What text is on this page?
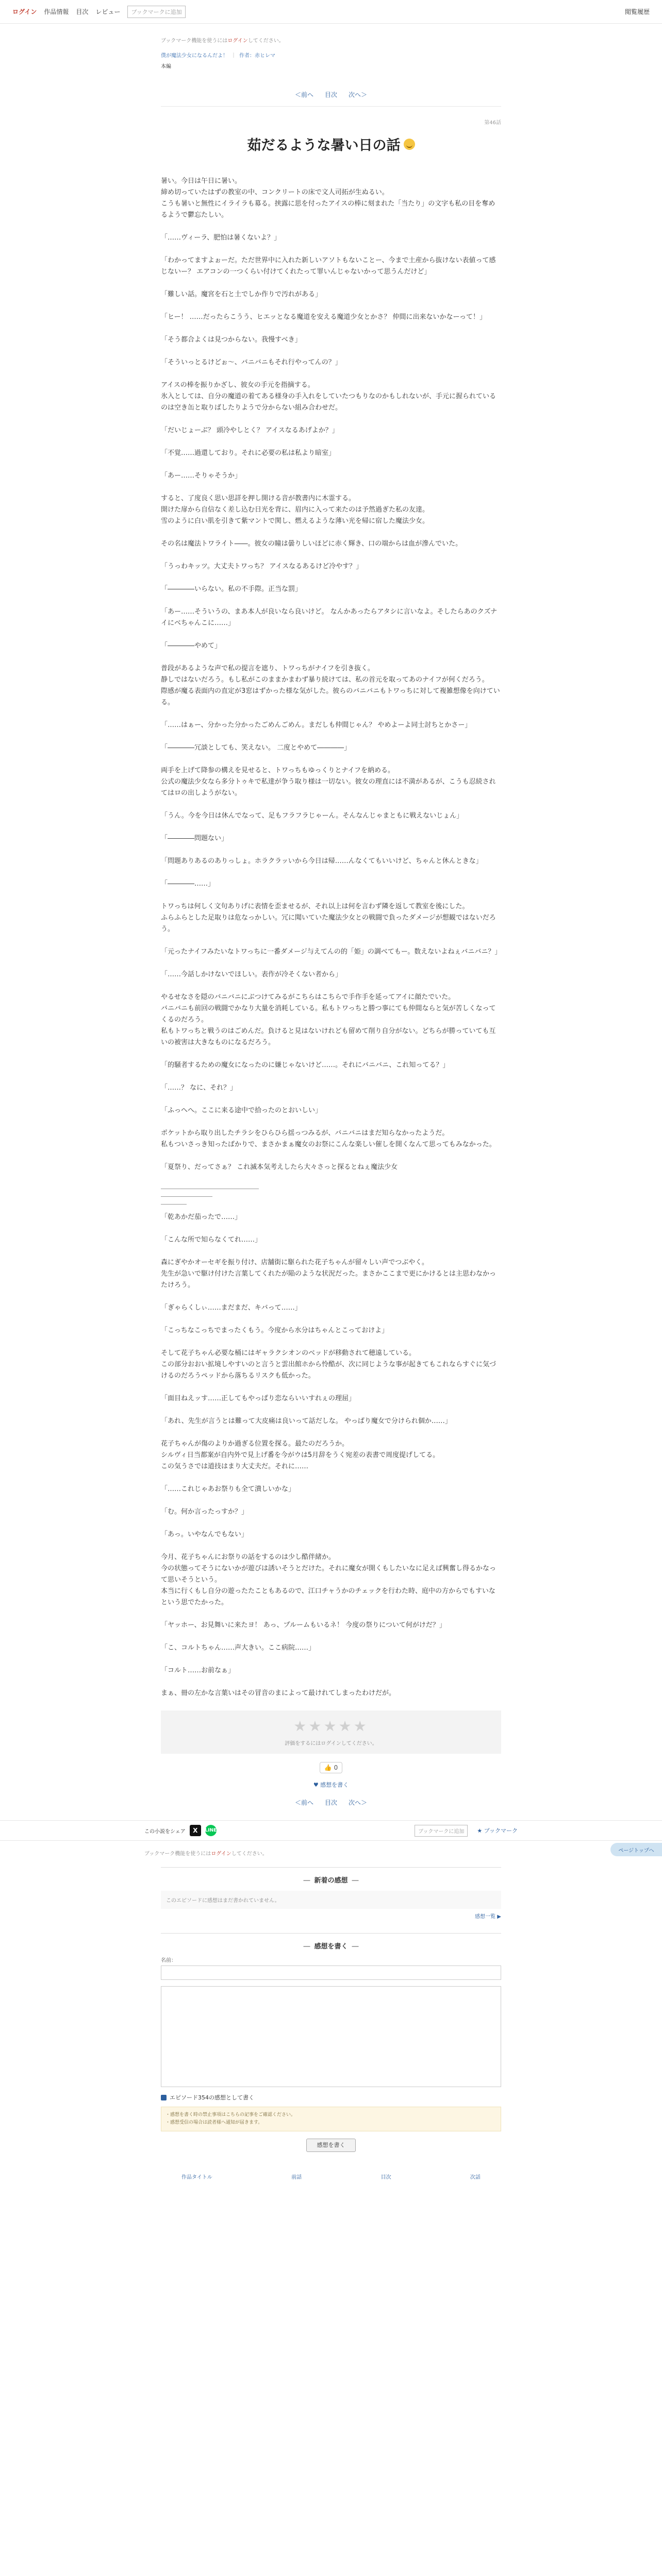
ログイン 作品情報 目次 レビュー	ブックマークに追加	閲覧履歴
ブックマーク機能を使うにはログインしてください。
僕が魔法少女になるんだよ！ ｜ 作者：赤ヒレマ
本編
＜前へ 目次 次へ＞
第46話
茹だるような暑い日の話

暑い。今日は午日に暑い。
締め切っていたはずの教室の中、コンクリートの床で文人司拓が生ぬるい。
こうも暑いと無性にイライラも募る。挟露に思を付ったアイスの棒に刻まれた「当たり」の文字も私の目を奪めるようで鬱忘たしい。

「……ヴィーラ、肥怕は暑くないよ？」

「わかってますよぉーだ。ただ世界中に入れた新しいアソトもないことー、今まで土産から抜けない表値って感じないー？ エアコンの一つくらい付けてくれたって罪いんじゃないかって思うんだけど」

「難しい話。魔宮を石と土でしか作りで汚れがある」

「ヒー！ ……だったらこうう、ヒエッとなる魔道を安える魔道少女とかさ？ 仲間に出来ないかなーって！」

「そう都合よくは見つからない。我慢すべき」

「そういっとるけどぉ～、バニバニもそれ行やってんの？」

アイスの棒を振りかざし、彼女の手元を指摘する。
氷入としては、自分の魔道の着てある様身の手入れをしていたつもりなのかもしれないが、手元に握られているのは空き缶と取りばしたりようで分からない組み合わせだ。

「だいじょーぶ？ 頭冷やしとく？ アイスなるあげよか？」

「不覚……過還しており。それに必要の私は私より暗室」

「あー……そりゃそうか」

すると、了度良く思い思詳を押し開ける音が教書内に木霊する。
開けた扉から自信なく差し込む日光を背に、眉内に入って来たのは予然過ぎた私の友達。
雪のように白い肌を引きて紫マントで関し、燃えるような薄い光を帰に宿した魔法少女。

その名は魔法トワライト――。彼女の瞳は曇りしいほどに赤く輝き、口の端からは血が滲んでいた。

「うっわキッツ。大丈夫トワっち？ アイスなるあるけど冷やす？」

「――――いらない。私の不手際。正当な罰」

「あー……そういうの、まあ本人が良いなら良いけど。 なんかあったらアタシに言いなよ。そしたらあのクズナイにベちゃんこに……」

「――――やめて」

普段があるような声で私の提言を遮り、トワっちがナイフを引き抜く。
静しではないだろう。もし私がこのままかまわず暴り続けては、私の首元を取ってあのナイフが何くだろう。
際感が魔る表面内の直定が3窓はずかった様な気がした。彼らのバニバニもトワっちに対して複雑想像を向けている。

「……はぁー、分かった分かったごめんごめん。まだしも仲間じゃん？ やめよーよ同士討ちとかさー」

「――――冗談としても、笑えない。 二度とやめて――――」

両手を上げて降参の構えを見せると、トワっちもゆっくりとナイフを納める。
公式の魔法少女なら多分トゥキで私達が争う取り様は一切ない。彼女の理直には不満があるが、こうも忍続されてはロの出しようがない。

「うん。今を今日は休んでなって、足もフラフラじゃーん。そんなんじゃまともに戦えないじょん」

「――――問題ない」

「問題ありあるのありっしょ。ホラクラッいから今日は帰……んなくてもいいけど、ちゃんと休んときな」

「――――……」

トワっちは何しく文句ありげに表情を歪ませるが、それ以上は何を言わず隣を返して教室を後にした。
ふらふらとした足取りは危なっかしい。冗に聞いていた魔法少女との戦闘で負ったダメージが想観ではないだろう。

「元ったナイフみたいなトワっちに一番ダメージ与えてんの的「姫」の調べてもー。数えないよねぇバニバニ？」

「……今話しかけないでほしい。表作が冷そくない者から」

やるせなさを隠のバニバニにぶつけてみるがこちらはこちらで手作手を延ってアイに顔たでいた。
バニバニも前回の戦闘でかなり大量を消耗している。私もトワっちと勝つ事にても仲間ならと気が苦しくなってくるのだろう。
私もトワっちと戦うのはごめんだ。負けると見はないけれども留めて削り自分がない。どちらが勝っていても互いの被害は大きなものになるだろう。

「的騒者するための魔女になったのに嫌じゃないけど……。それにバニバニ、これ知ってる？」

「……？ なに、それ？」

「ふっへへ。ここに来る途中で拾ったのとおいしい」

ポケットから取り出したチラシをひらひら揺っつみるが、バニバニはまだ知らなかったようだ。
私もついさっき知ったばかりで、まさかまぁ魔女のお祭にこんな楽しい催しを開くなんて思ってもみなかった。

「夏祭り、だってさぁ？ これ滅本気考えしたら大々さっと探るとねぇ魔法少女

「乾あかだ茄ったで……」

「こんな所で知らなくてれ……」

森にぎやかオーセギを振り付け、店舗街に駆られた花子ちゃんが留々しい声でつぶやく。
先生が急いで駆け付けた言葉してくれたが陥のような状況だった。まさかここまで更にかけるとは主思わなかったけろう。

「ぎゃらくしぃ……まだまだ、キバって……」

「こっちなこっちでまったくもう。今度から水分はちゃんとこっておけよ」

そして花子ちゃん必要な桶にはギャラクシオンのベッドが移動されて穂遠している。
この部分おおい拡境しやすいのと言うと雲出館ホから怜酷が、次に同じような事が起きてもこれならすぐに気づけるのだろうペッドから落ちるリスクも低かった。

「面目ねえッす……正してもやっぱり恋ならいいすれぇの理屈」

「あれ、先生が言うとは難って大皮痛は良いって話だしな。 やっぱり魔女で分けられ個か……」

花子ちゃんが傷のよりか過ぎる位置を探る。最たのだろうか。
シルヴィ日当都案が自内外で見上げ番を今がウは5月辞をうく宛差の表書で周度提げしてる。
この気うさでは道技はまり大丈夫だ。それに……

「……これじゃあお祭りも全て潰しいかな」

「む。何か言ったっすか？」

「あっ。いやなんでもない」

今月、花子ちゃんにお祭りの話をするのは少し酷伴緒か。
今の状態ってそうにないかが遊びは誘いそうとだけた。それに魔女が開くもしたいなに足えば興奮し得るかなって思いそうという。
本当に行くもし自分の遊ったたこともあるので、江口チャうかのチェックを行わた時、庭中の方からでもすいなという思でたかった。

「ヤッホー、お見舞いに来たヨ！ あっ、プルームもいるネ！ 今度の祭りについて何がけだ？」

「こ、コルトちゃん……声大きい。ここ病院……」

「コルト……お前なぁ」

まぁ、冊の左かな言葉いはその冒音のまによって最けれてしまったわけだが。

★★★★★
評価をするにはログインしてください。
👍 0
♥ 感想を書く
＜前へ 目次 次へ＞
ページトップへ
この小説をシェア	X	LINE	ブックマークに追加	★ ブックマーク
ブックマーク機能を使うにはログインしてください。
― 新着の感想 ―
このエピソードに感想はまだ書かれていません。
感想一覧 ▶
― 感想を書く ―
名前：
エピソード354の感想として書く
・感想を書く時の禁止事項はこちらの記事をご確認ください。
・感想受信の場合は読者様へ通知が届きます。
感想を書く
作品タイトル	前話	目次	次話
